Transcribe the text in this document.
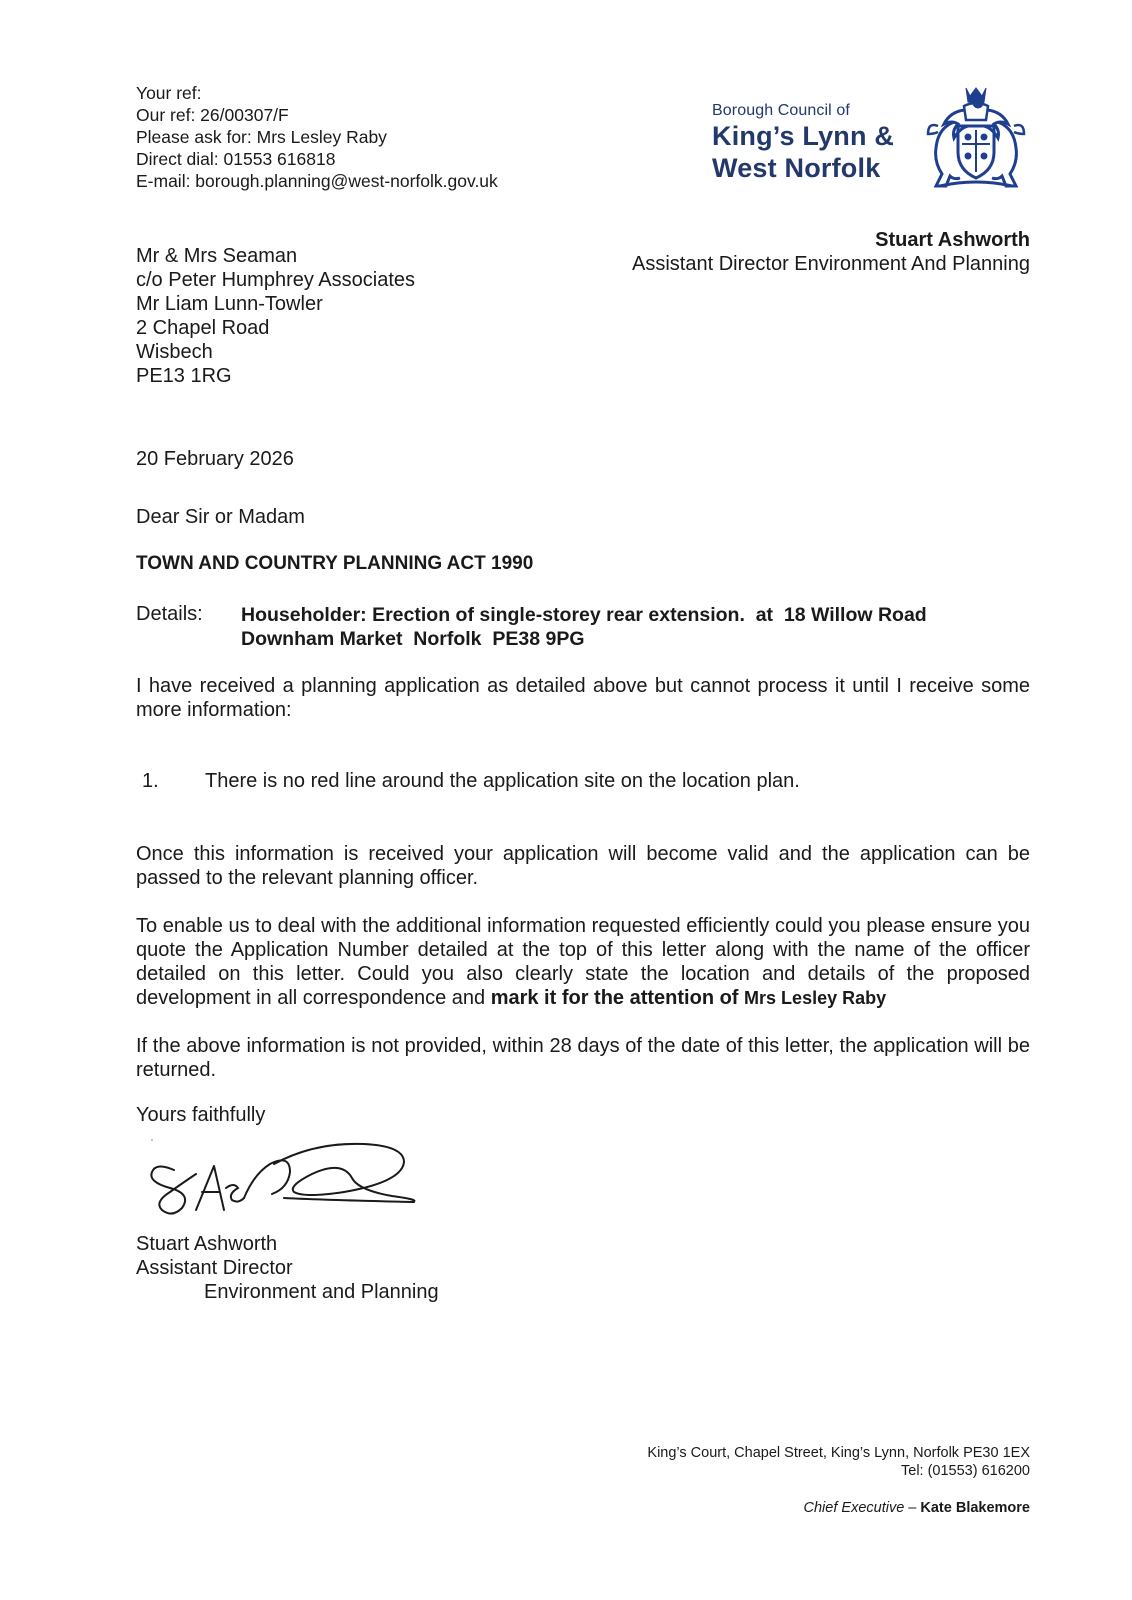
Your ref:
Our ref: 26/00307/F
Please ask for: Mrs Lesley Raby
Direct dial: 01553 616818
E-mail: borough.planning@west-norfolk.gov.uk
Borough Council of
King’s Lynn &
West Norfolk
Stuart Ashworth
Assistant Director Environment And Planning
Mr & Mrs Seaman
c/o Peter Humphrey Associates
Mr Liam Lunn-Towler
2 Chapel Road
Wisbech
PE13 1RG
20 February 2026
Dear Sir or Madam
TOWN AND COUNTRY PLANNING ACT 1990
Details: Householder: Erection of single-storey rear extension.  at  18 Willow Road
Downham Market  Norfolk  PE38 9PG
I have received a planning application as detailed above but cannot process it until I receive some more information:
1. There is no red line around the application site on the location plan.
Once this information is received your application will become valid and the application can be passed to the relevant planning officer.
To enable us to deal with the additional information requested efficiently could you please ensure you quote the Application Number detailed at the top of this letter along with the name of the officer detailed on this letter. Could you also clearly state the location and details of the proposed development in all correspondence and mark it for the attention of Mrs Lesley Raby
If the above information is not provided, within 28 days of the date of this letter, the application will be returned.
Yours faithfully
Stuart Ashworth
Assistant Director
Environment and Planning
King’s Court, Chapel Street, King’s Lynn, Norfolk PE30 1EX
Tel: (01553) 616200
Chief Executive – Kate Blakemore
